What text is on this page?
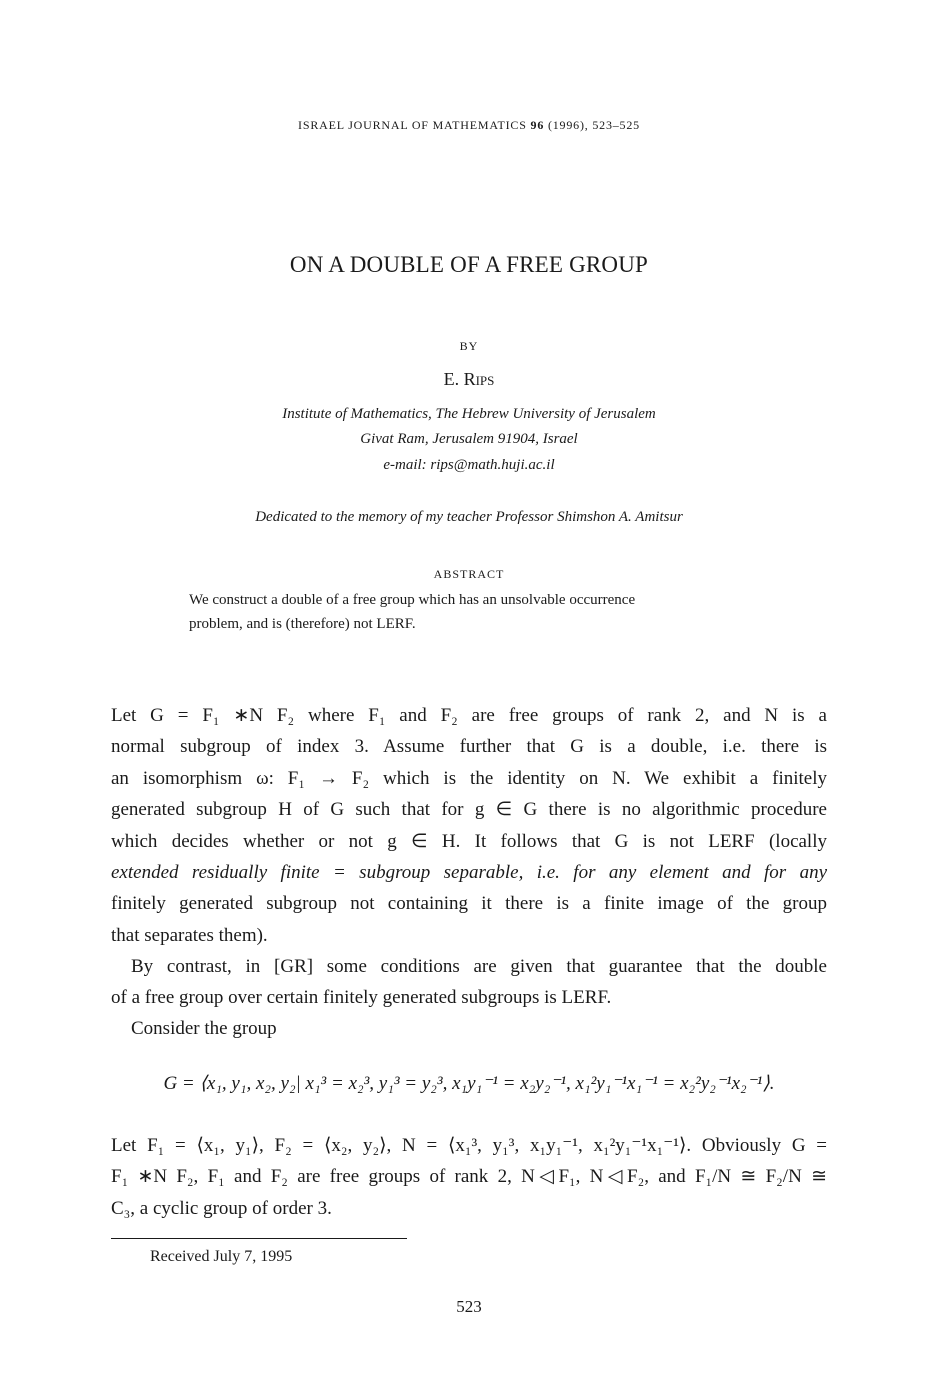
ISRAEL JOURNAL OF MATHEMATICS 96 (1996), 523–525
ON A DOUBLE OF A FREE GROUP
BY
E. Rips
Institute of Mathematics, The Hebrew University of Jerusalem
Givat Ram, Jerusalem 91904, Israel
e-mail: rips@math.huji.ac.il
Dedicated to the memory of my teacher Professor Shimshon A. Amitsur
ABSTRACT
We construct a double of a free group which has an unsolvable occurrence
problem, and is (therefore) not LERF.
Let G = F₁ ∗N F₂ where F₁ and F₂ are free groups of rank 2, and N is a
normal subgroup of index 3. Assume further that G is a double, i.e. there is
an isomorphism ω: F₁ → F₂ which is the identity on N. We exhibit a finitely
generated subgroup H of G such that for g ∈ G there is no algorithmic procedure
which decides whether or not g ∈ H. It follows that G is not LERF (locally
extended residually finite = subgroup separable, i.e. for any element and for any
finitely generated subgroup not containing it there is a finite image of the group
that separates them).
By contrast, in [GR] some conditions are given that guarantee that the double
of a free group over certain finitely generated subgroups is LERF.
Consider the group
G = ⟨x₁, y₁, x₂, y₂| x₁³ = x₂³, y₁³ = y₂³, x₁y₁⁻¹ = x₂y₂⁻¹, x₁²y₁⁻¹x₁⁻¹ = x₂²y₂⁻¹x₂⁻¹⟩.
Let F₁ = ⟨x₁, y₁⟩, F₂ = ⟨x₂, y₂⟩, N = ⟨x₁³, y₁³, x₁y₁⁻¹, x₁²y₁⁻¹x₁⁻¹⟩. Obviously G =
F₁ ∗N F₂, F₁ and F₂ are free groups of rank 2, N◁F₁, N◁F₂, and F₁/N ≅ F₂/N ≅
C₃, a cyclic group of order 3.
Received July 7, 1995
523
